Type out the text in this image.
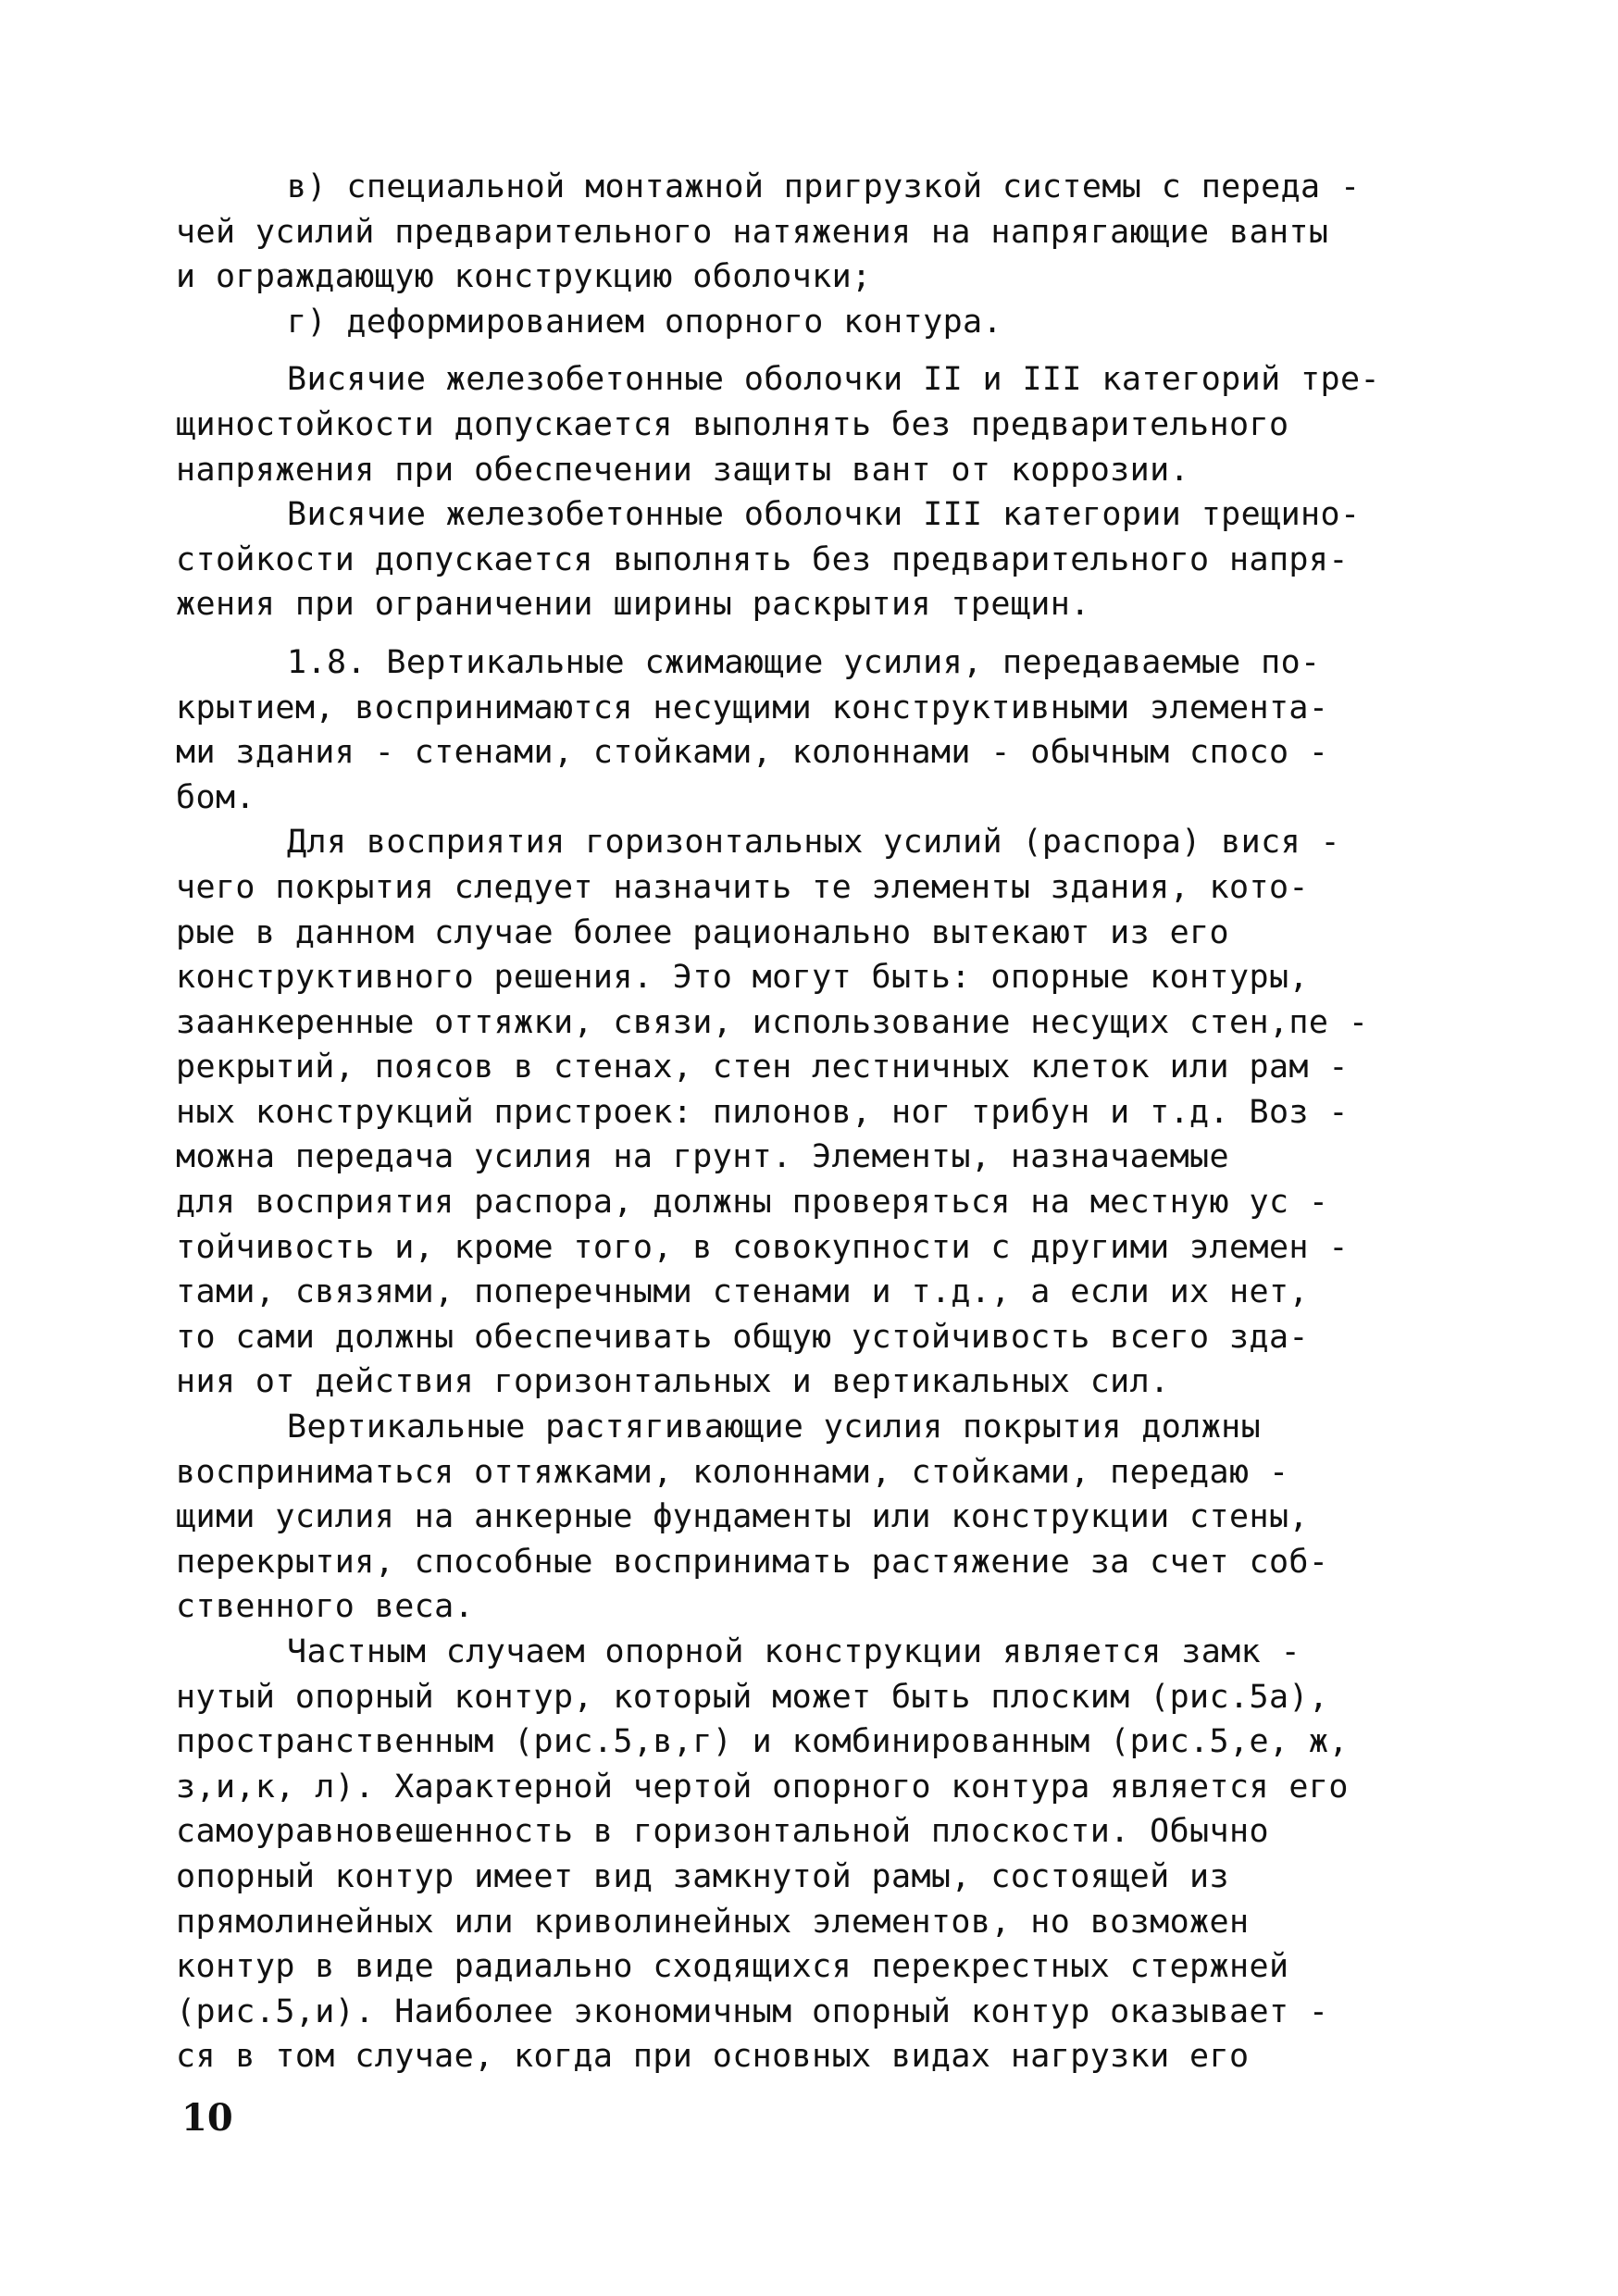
в) специальной монтажной пригрузкой системы с переда -
чей усилий предварительного натяжения на напрягающие ванты
и ограждающую конструкцию оболочки;
г) деформированием опорного контура.
Висячие железобетонные оболочки II и III категорий тре-
щиностойкости допускается выполнять без предварительного
напряжения при обеспечении защиты вант от коррозии.
Висячие железобетонные оболочки III категории трещино-
стойкости допускается выполнять без предварительного напря-
жения при ограничении ширины раскрытия трещин.
1.8. Вертикальные сжимающие усилия, передаваемые по-
крытием, воспринимаются несущими конструктивными элемента-
ми здания - стенами, стойками, колоннами - обычным спосо -
бом.
Для восприятия горизонтальных усилий (распора) вися -
чего покрытия следует назначить те элементы здания, кото-
рые в данном случае более рационально вытекают из его
конструктивного решения. Это могут быть: опорные контуры,
заанкеренные оттяжки, связи, использование несущих стен,пе -
рекрытий, поясов в стенах, стен лестничных клеток или рам -
ных конструкций пристроек: пилонов, ног трибун и т.д. Воз -
можна передача усилия на грунт. Элементы, назначаемые
для восприятия распора, должны проверяться на местную ус -
тойчивость и, кроме того, в совокупности с другими элемен -
тами, связями, поперечными стенами и т.д., а если их нет,
то сами должны обеспечивать общую устойчивость всего зда-
ния от действия горизонтальных и вертикальных сил.
Вертикальные растягивающие усилия покрытия должны
восприниматься оттяжками, колоннами, стойками, передаю -
щими усилия на анкерные фундаменты или конструкции стены,
перекрытия, способные воспринимать растяжение за счет соб-
ственного веса.
Частным случаем опорной конструкции является замк -
нутый опорный контур, который может быть плоским (рис.5а),
пространственным (рис.5,в,г) и комбинированным (рис.5,е, ж,
з,и,к, л). Характерной чертой опорного контура является его
самоуравновешенность в горизонтальной плоскости. Обычно
опорный контур имеет вид замкнутой рамы, состоящей из
прямолинейных или криволинейных элементов, но возможен
контур в виде радиально сходящихся перекрестных стержней
(рис.5,и). Наиболее экономичным опорный контур оказывает -
ся в том случае, когда при основных видах нагрузки его
10
